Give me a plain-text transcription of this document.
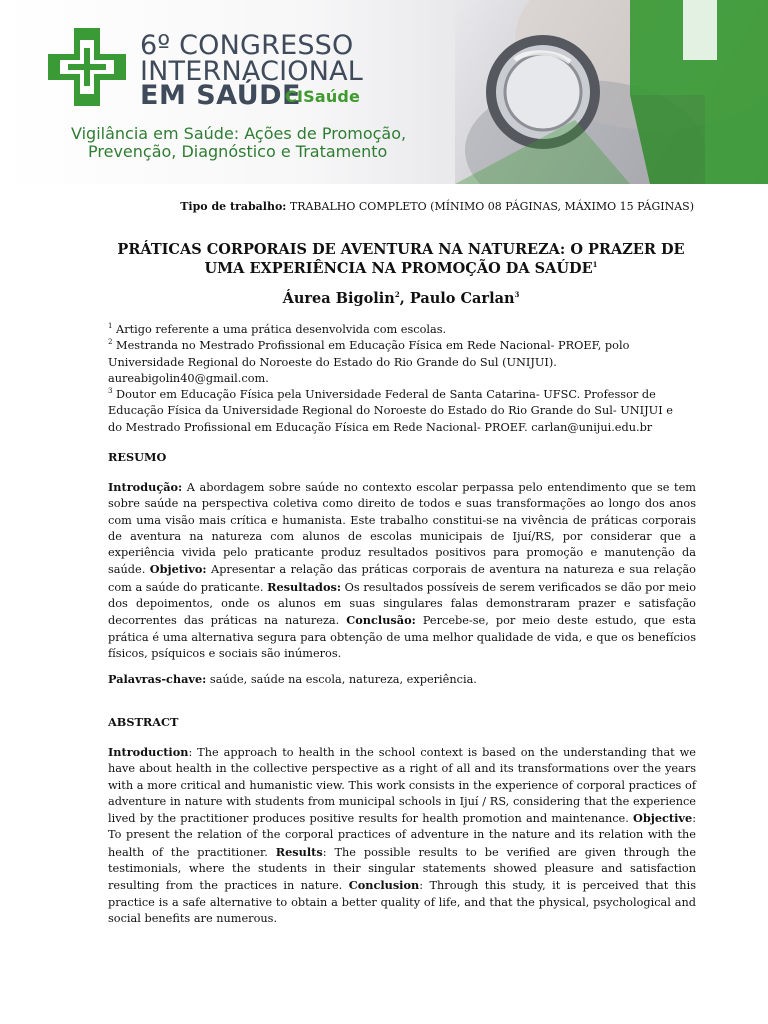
6º CONGRESSO
INTERNACIONAL
EM SAÚDE
CISaúde
Vigilância em Saúde: Ações de Promoção,
Prevenção, Diagnóstico e Tratamento
Tipo de trabalho: TRABALHO COMPLETO (MÍNIMO 08 PÁGINAS, MÁXIMO 15 PÁGINAS)
PRÁTICAS CORPORAIS DE AVENTURA NA NATUREZA: O PRAZER DE
UMA EXPERIÊNCIA NA PROMOÇÃO DA SAÚDE$^1$
Áurea Bigolin$^2$, Paulo Carlan$^3$

$^1$ Artigo referente a uma prática desenvolvida com escolas.

$^2$ Mestranda no Mestrado Profissional em Educação Física em Rede Nacional- PROEF, polo

Universidade Regional do Noroeste do Estado do Rio Grande do Sul (UNIJUI).

aureabigolin40@gmail.com.

$^3$ Doutor em Educação Física pela Universidade Federal de Santa Catarina- UFSC. Professor de

Educação Física da Universidade Regional do Noroeste do Estado do Rio Grande do Sul- UNIJUI e

do Mestrado Profissional em Educação Física em Rede Nacional- PROEF. carlan@unijui.edu.br

RESUMO

Introdução: A abordagem sobre saúde no contexto escolar perpassa pelo entendimento que se tem sobre saúde na perspectiva coletiva como direito de todos e suas transformações ao longo dos anos com uma visão mais crítica e humanista. Este trabalho constitui-se na vivência de práticas corporais de aventura na natureza com alunos de escolas municipais de Ijuí/RS, por considerar que a experiência vivida pelo praticante produz resultados positivos para promoção e manutenção da saúde. Objetivo: Apresentar a relação das práticas corporais de aventura na natureza e sua relação com a saúde do praticante. Resultados: Os resultados possíveis de serem verificados se dão por meio dos depoimentos, onde os alunos em suas singulares falas demonstraram prazer e satisfação decorrentes das práticas na natureza. Conclusão: Percebe-se, por meio deste estudo, que esta prática é uma alternativa segura para obtenção de uma melhor qualidade de vida, e que os benefícios físicos, psíquicos e sociais são inúmeros.

Palavras-chave: saúde, saúde na escola, natureza, experiência.
ABSTRACT

Introduction: The approach to health in the school context is based on the understanding that we have about health in the collective perspective as a right of all and its transformations over the years with a more critical and humanistic view. This work consists in the experience of corporal practices of adventure in nature with students from municipal schools in Ijuí / RS, considering that the experience lived by the practitioner produces positive results for health promotion and maintenance. Objective: To present the relation of the corporal practices of adventure in the nature and its relation with the health of the practitioner. Results: The possible results to be verified are given through the testimonials, where the students in their singular statements showed pleasure and satisfaction resulting from the practices in nature. Conclusion: Through this study, it is perceived that this practice is a safe alternative to obtain a better quality of life, and that the physical, psychological and social benefits are numerous.
